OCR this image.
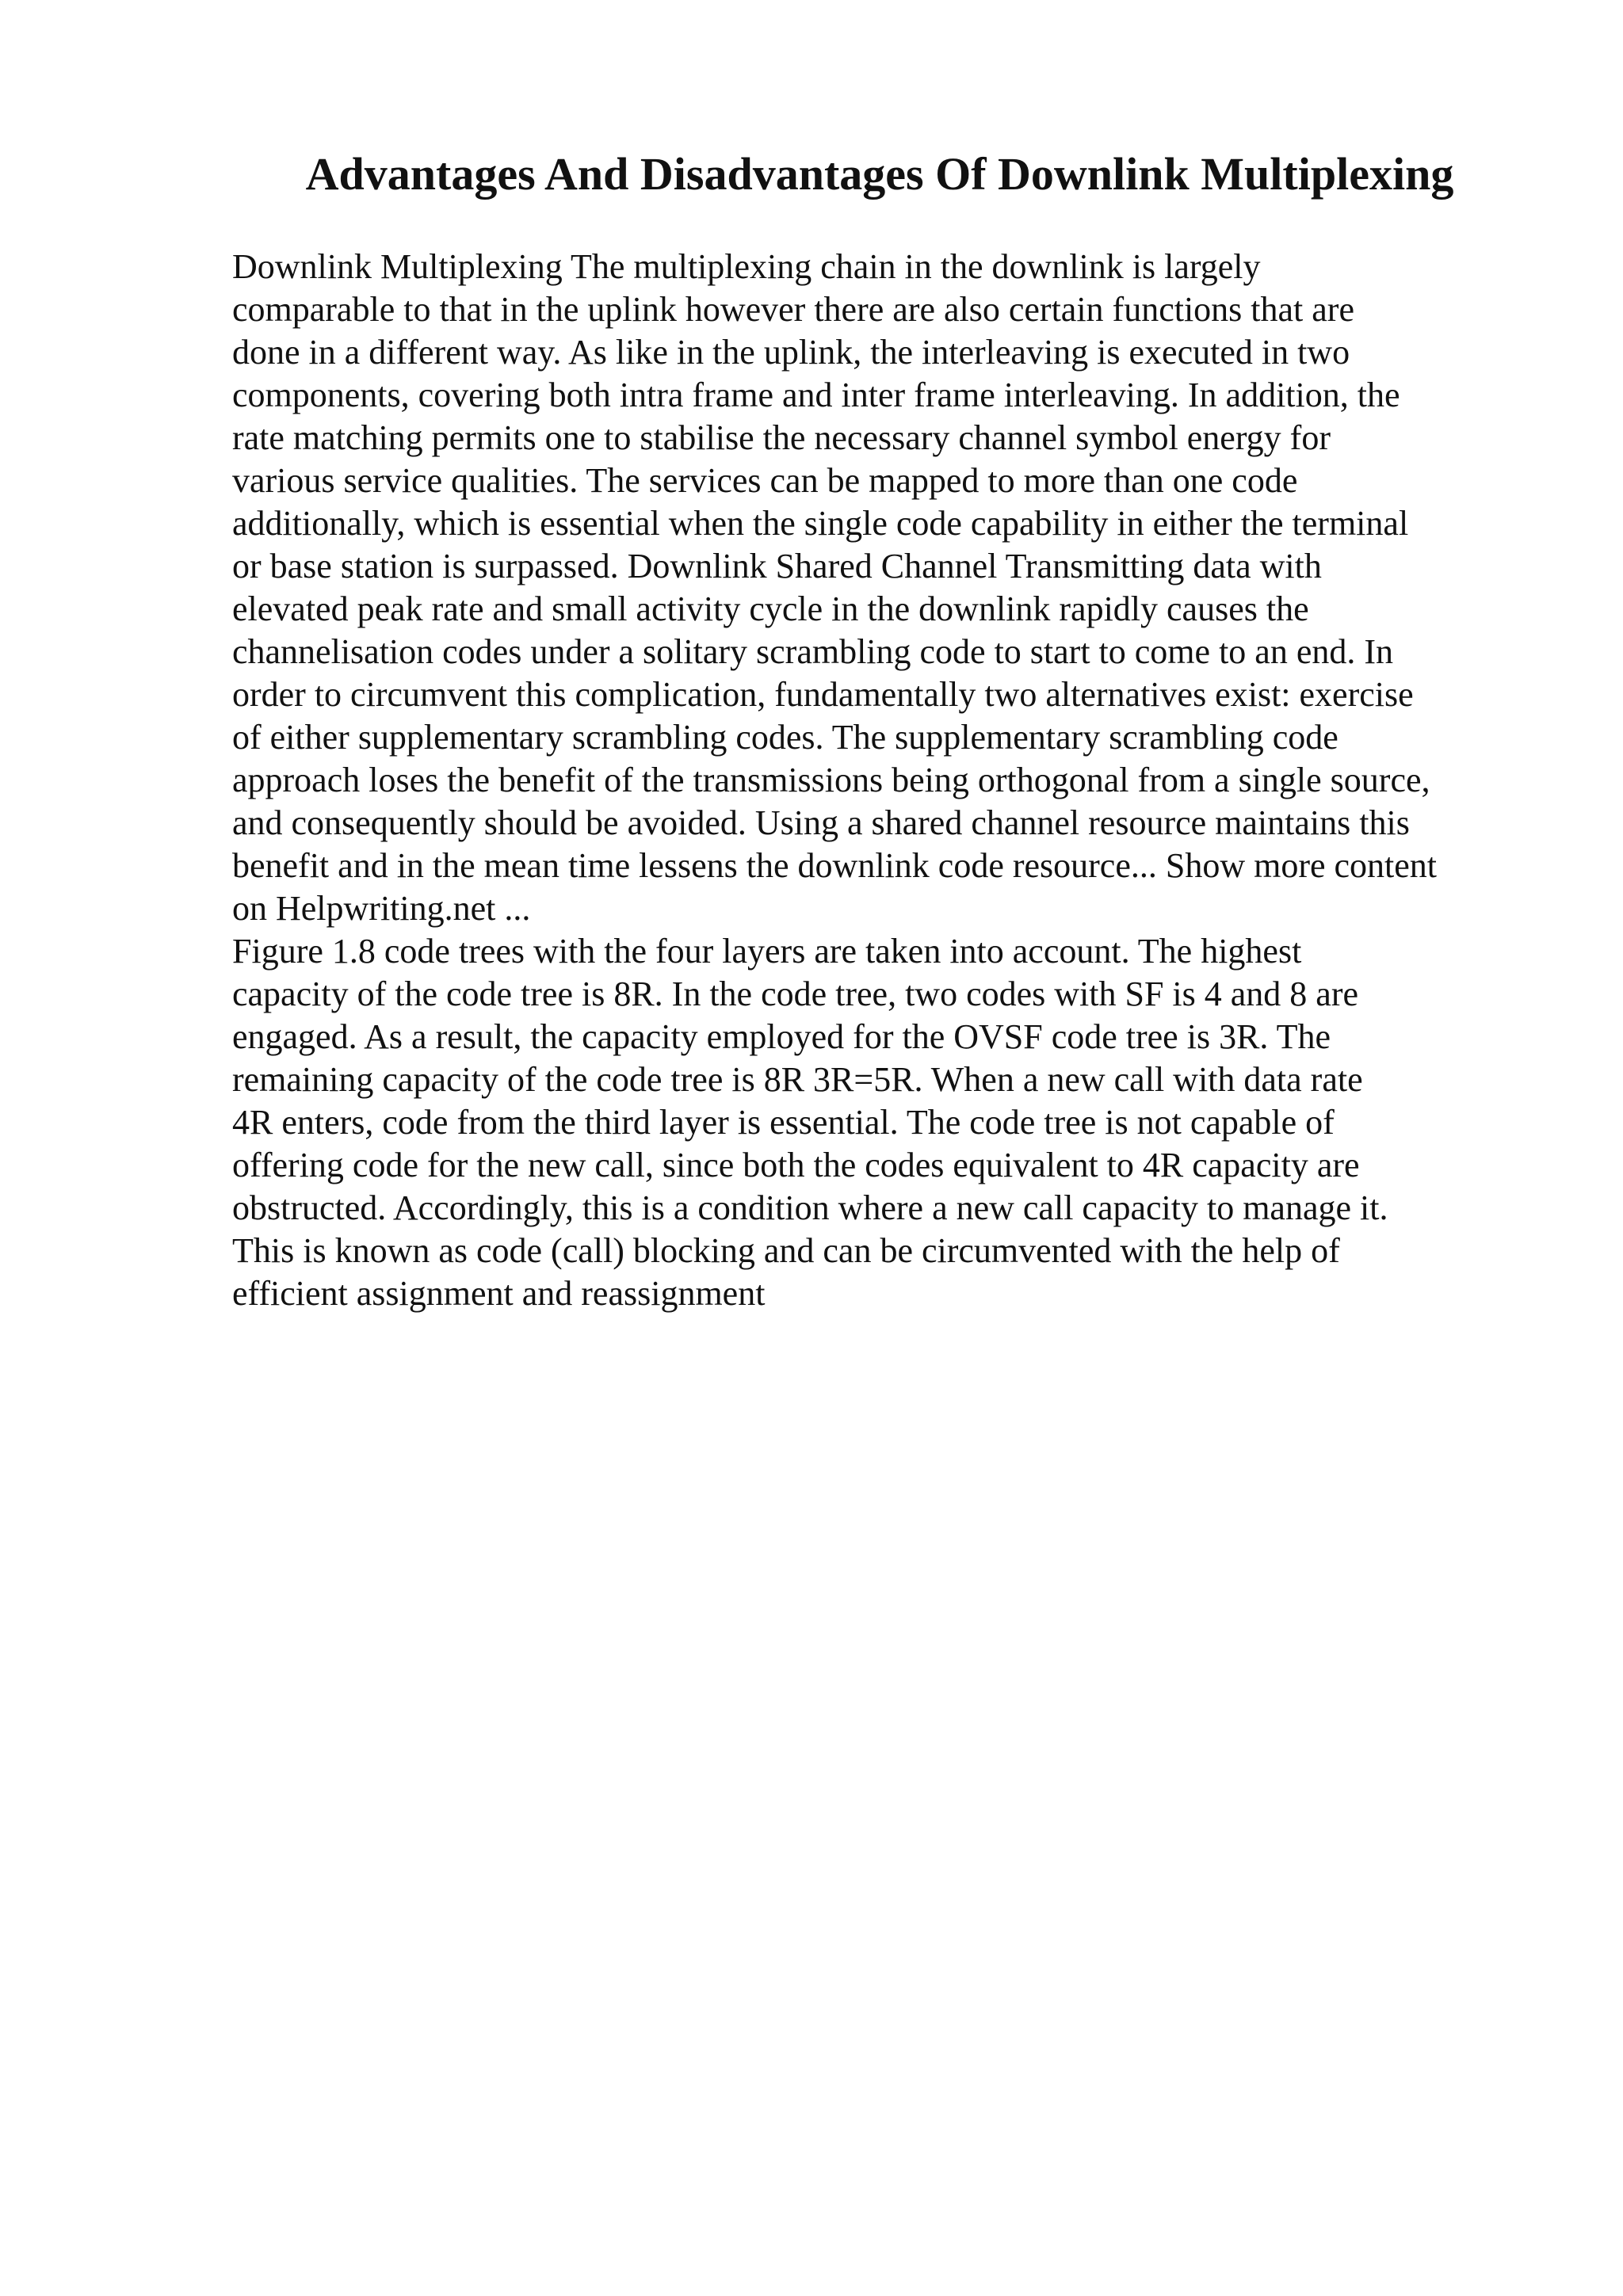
Advantages And Disadvantages Of Downlink Multiplexing

Downlink Multiplexing The multiplexing chain in the downlink is largely
comparable to that in the uplink however there are also certain functions that are
done in a different way. As like in the uplink, the interleaving is executed in two
components, covering both intra frame and inter frame interleaving. In addition, the
rate matching permits one to stabilise the necessary channel symbol energy for
various service qualities. The services can be mapped to more than one code
additionally, which is essential when the single code capability in either the terminal
or base station is surpassed. Downlink Shared Channel Transmitting data with
elevated peak rate and small activity cycle in the downlink rapidly causes the
channelisation codes under a solitary scrambling code to start to come to an end. In
order to circumvent this complication, fundamentally two alternatives exist: exercise
of either supplementary scrambling codes. The supplementary scrambling code
approach loses the benefit of the transmissions being orthogonal from a single source,
and consequently should be avoided. Using a shared channel resource maintains this
benefit and in the mean time lessens the downlink code resource... Show more content
on Helpwriting.net ...

Figure 1.8 code trees with the four layers are taken into account. The highest
capacity of the code tree is 8R. In the code tree, two codes with SF is 4 and 8 are
engaged. As a result, the capacity employed for the OVSF code tree is 3R. The
remaining capacity of the code tree is 8R 3R=5R. When a new call with data rate
4R enters, code from the third layer is essential. The code tree is not capable of
offering code for the new call, since both the codes equivalent to 4R capacity are
obstructed. Accordingly, this is a condition where a new call capacity to manage it.
This is known as code (call) blocking and can be circumvented with the help of
efficient assignment and reassignment
